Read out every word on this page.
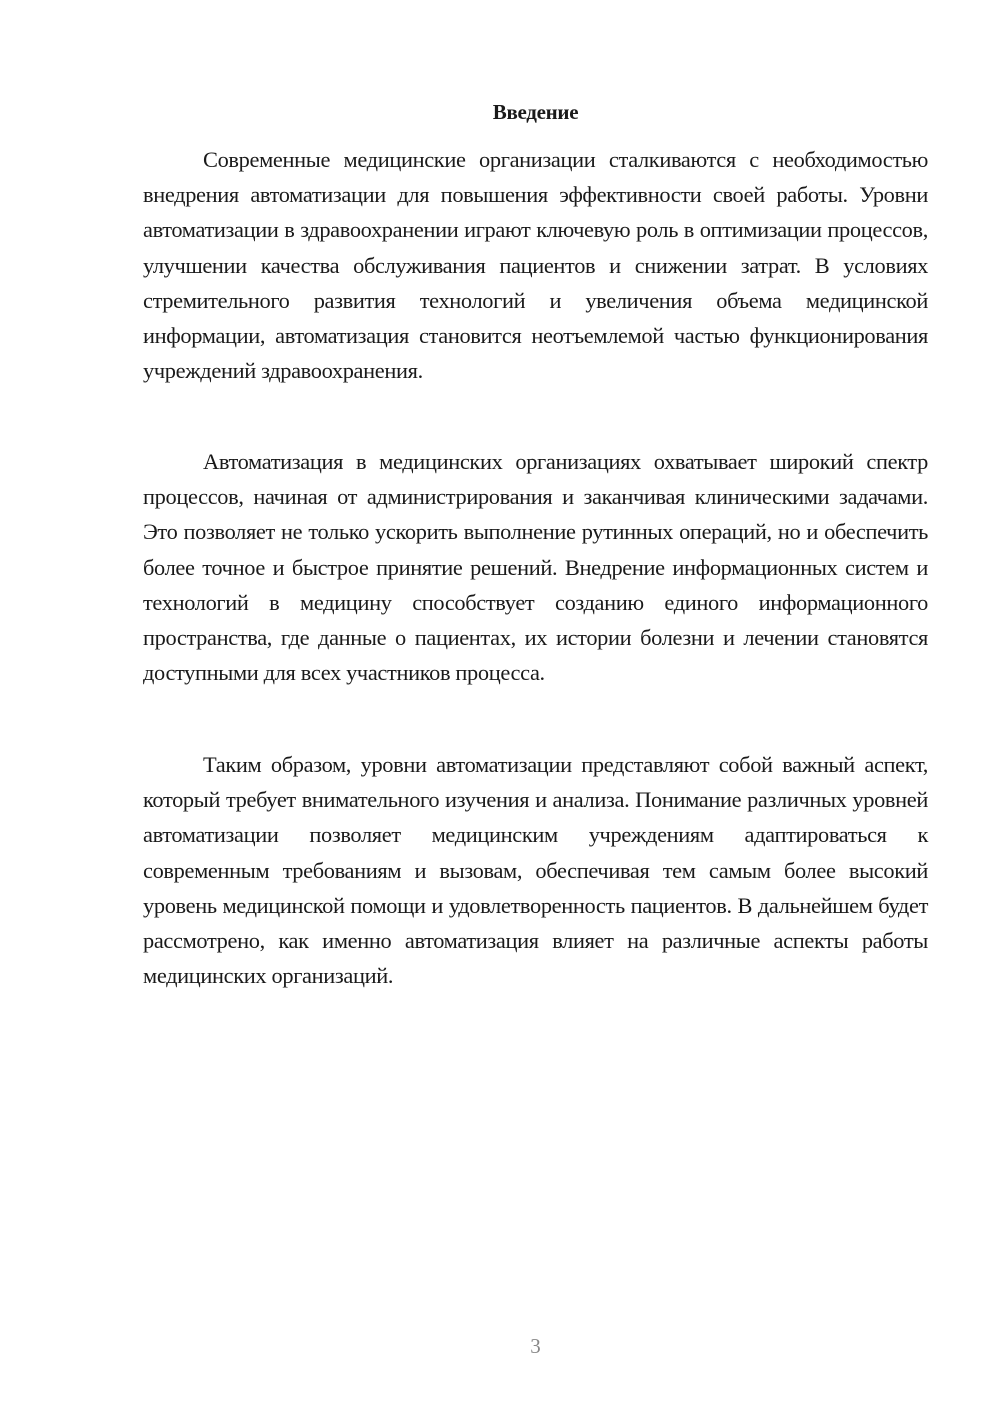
Введение

Современные медицинские организации сталкиваются с необходимостью внедрения автоматизации для повышения эффективности своей работы. Уровни автоматизации в здравоохранении играют ключевую роль в оптимизации процессов, улучшении качества обслуживания пациентов и снижении затрат. В условиях стремительного развития технологий и увеличения объема медицинской информации, автоматизация становится неотъемлемой частью функционирования учреждений здравоохранения.

Автоматизация в медицинских организациях охватывает широкий спектр процессов, начиная от администрирования и заканчивая клиническими задачами. Это позволяет не только ускорить выполнение рутинных операций, но и обеспечить более точное и быстрое принятие решений. Внедрение информационных систем и технологий в медицину способствует созданию единого информационного пространства, где данные о пациентах, их истории болезни и лечении становятся доступными для всех участников процесса.

Таким образом, уровни автоматизации представляют собой важный аспект, который требует внимательного изучения и анализа. Понимание различных уровней автоматизации позволяет медицинским учреждениям адаптироваться к современным требованиям и вызовам, обеспечивая тем самым более высокий уровень медицинской помощи и удовлетворенность пациентов. В дальнейшем будет рассмотрено, как именно автоматизация влияет на различные аспекты работы медицинских организаций.

3
